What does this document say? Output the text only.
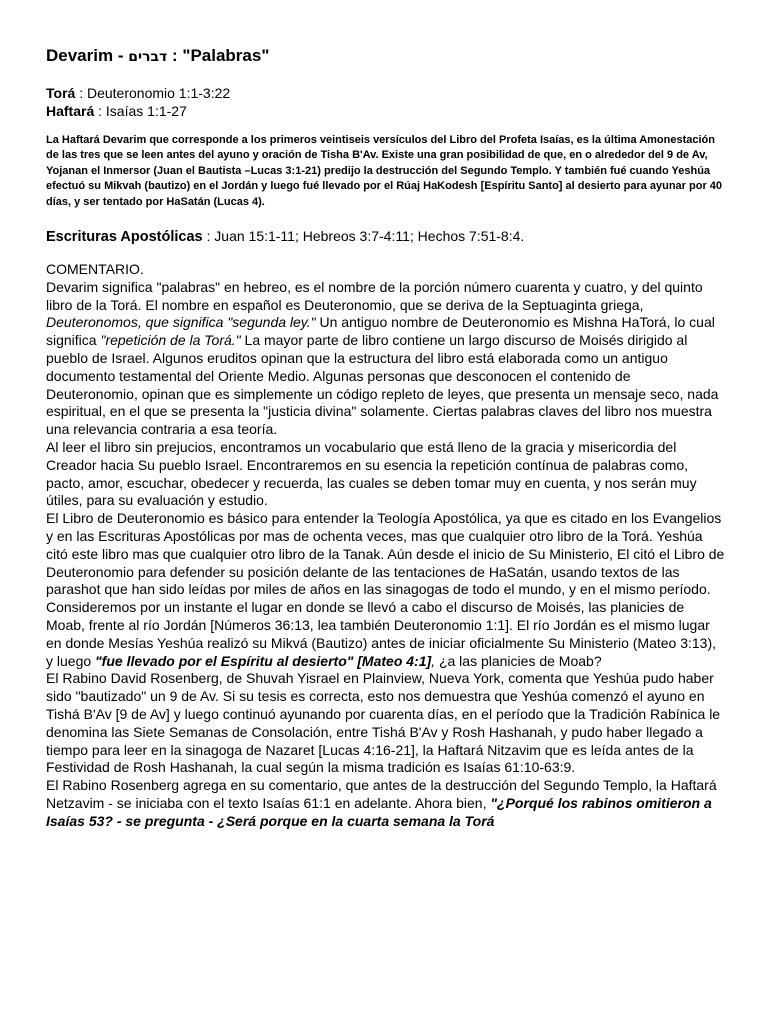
Devarim - דברים : "Palabras"
Torá : Deuteronomio 1:1-3:22
Haftará : Isaías 1:1-27
La Haftará Devarim que corresponde a los primeros veintiseis versículos del Libro del Profeta Isaías, es la última Amonestación de las tres que se leen antes del ayuno y oración de Tisha B'Av. Existe una gran posibilidad de que, en o alrededor del 9 de Av, Yojanan el Inmersor (Juan el Bautista –Lucas 3:1-21) predijo la destrucción del Segundo Templo. Y también fué cuando Yeshúa efectuó su Mikvah (bautizo) en el Jordán y luego fué llevado por el Rúaj HaKodesh [Espíritu Santo] al desierto para ayunar por 40 días, y ser tentado por HaSatán (Lucas 4).
Escrituras Apostólicas : Juan 15:1-11; Hebreos 3:7-4:11; Hechos 7:51-8:4.
COMENTARIO.

Devarim significa "palabras" en hebreo, es el nombre de la porción número cuarenta y cuatro, y del quinto libro de la Torá. El nombre en español es Deuteronomio, que se deriva de la Septuaginta griega, Deuteronomos, que significa "segunda ley." Un antiguo nombre de Deuteronomio es Mishna HaTorá, lo cual significa "repetición de la Torá." La mayor parte de libro contiene un largo discurso de Moisés dirigido al pueblo de Israel. Algunos eruditos opinan que la estructura del libro está elaborada como un antiguo documento testamental del Oriente Medio. Algunas personas que desconocen el contenido de Deuteronomio, opinan que es simplemente un código repleto de leyes, que presenta un mensaje seco, nada espiritual, en el que se presenta la "justicia divina" solamente. Ciertas palabras claves del libro nos muestra una relevancia contraria a esa teoría.

Al leer el libro sin prejucios, encontramos un vocabulario que está lleno de la gracia y misericordia del Creador hacia Su pueblo Israel. Encontraremos en su esencia la repetición contínua de palabras como, pacto, amor, escuchar, obedecer y recuerda, las cuales se deben tomar muy en cuenta, y nos serán muy útiles, para su evaluación y estudio.

El Libro de Deuteronomio es básico para entender la Teología Apostólica, ya que es citado en los Evangelios y en las Escrituras Apostólicas por mas de ochenta veces, mas que cualquier otro libro de la Torá. Yeshúa citó este libro mas que cualquier otro libro de la Tanak. Aún desde el inicio de Su Ministerio, El citó el Libro de Deuteronomio para defender su posición delante de las tentaciones de HaSatán, usando textos de las parashot que han sido leídas por miles de años en las sinagogas de todo el mundo, y en el mismo período.

Consideremos por un instante el lugar en donde se llevó a cabo el discurso de Moisés, las planicies de Moab, frente al río Jordán [Números 36:13, lea también Deuteronomio 1:1]. El río Jordán es el mismo lugar en donde Mesías Yeshúa realizó su Mikvá (Bautizo) antes de iniciar oficialmente Su Ministerio (Mateo 3:13), y luego "fue llevado por el Espíritu al desierto" [Mateo 4:1], ¿a las planicies de Moab?

El Rabino David Rosenberg, de Shuvah Yisrael en Plainview, Nueva York, comenta que Yeshúa pudo haber sido "bautizado" un 9 de Av. Si su tesis es correcta, esto nos demuestra que Yeshúa comenzó el ayuno en Tishá B'Av [9 de Av] y luego continuó ayunando por cuarenta días, en el período que la Tradición Rabínica le denomina las Siete Semanas de Consolación, entre Tishá B'Av y Rosh Hashanah, y pudo haber llegado a tiempo para leer en la sinagoga de Nazaret [Lucas 4:16-21], la Haftará Nitzavim que es leída antes de la Festividad de Rosh Hashanah, la cual según la misma tradición es Isaías 61:10-63:9.

El Rabino Rosenberg agrega en su comentario, que antes de la destrucción del Segundo Templo, la Haftará Netzavim - se iniciaba con el texto Isaías 61:1 en adelante. Ahora bien, "¿Porqué los rabinos omitieron a Isaías 53? - se pregunta - ¿Será porque en la cuarta semana la Torá
